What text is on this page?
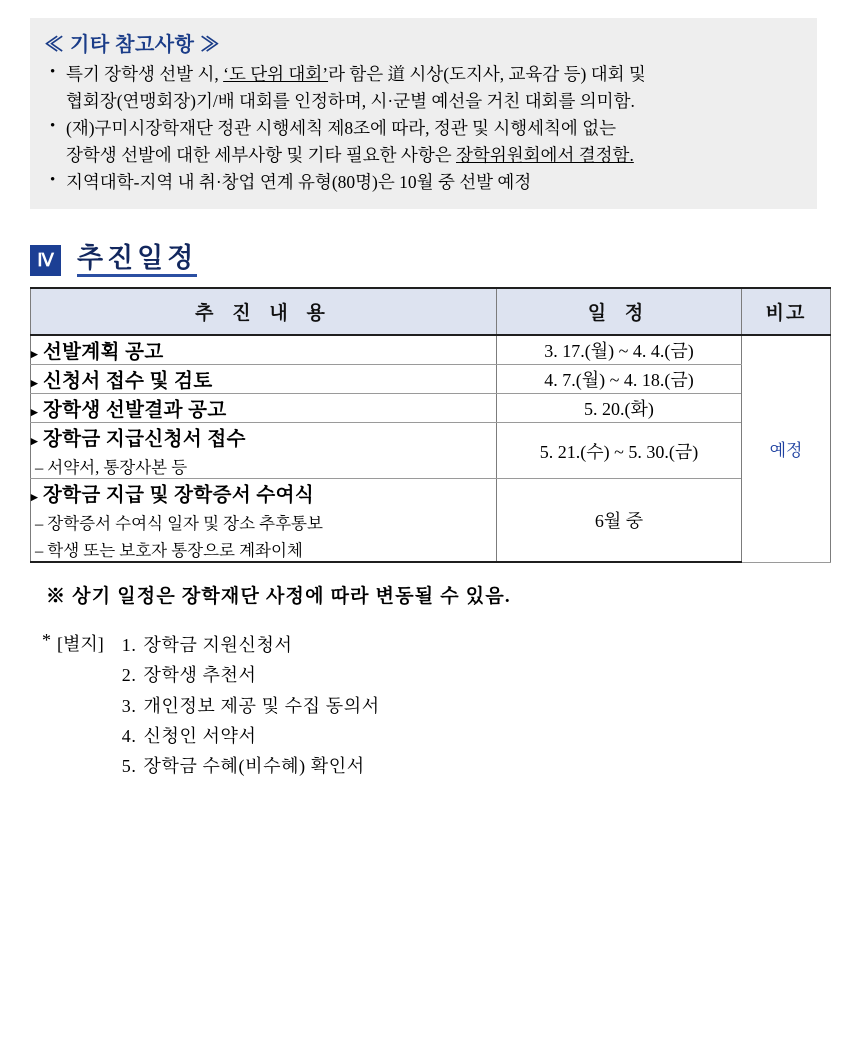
≪ 기타 참고사항 ≫
• 특기 장학생 선발 시, ‘도 단위 대회’라 함은 道 시상(도지사, 교육감 등) 대회 및
협회장(연맹회장)기/배 대회를 인정하며, 시·군별 예선을 거친 대회를 의미함.
• (재)구미시장학재단 정관 시행세칙 제8조에 따라, 정관 및 시행세칙에 없는
장학생 선발에 대한 세부사항 및 기타 필요한 사항은 장학위원회에서 결정함.
• 지역대학-지역 내 취·창업 연계 유형(80명)은 10월 중 선발 예정
Ⅳ 추진일정
추 진 내 용	일 정	비고

▸ 선발계획 공고	3. 17.(월) ~ 4. 4.(금)	예정

▸ 신청서 접수 및 검토	4. 7.(월) ~ 4. 18.(금)	

▸ 장학생 선발결과 공고	5. 20.(화)	

▸ 장학금 지급신청서 접수
– 서약서, 통장사본 등	5. 21.(수) ~ 5. 30.(금)	

▸ 장학금 지급 및 장학증서 수여식
– 장학증서 수여식 일자 및 장소 추후통보
– 학생 또는 보호자 통장으로 계좌이체	6월 중	
※ 상기 일정은 장학재단 사정에 따라 변동될 수 있음.
* [별지] 1. 장학금 지원신청서
2. 장학생 추천서
3. 개인정보 제공 및 수집 동의서
4. 신청인 서약서
5. 장학금 수혜(비수혜) 확인서
